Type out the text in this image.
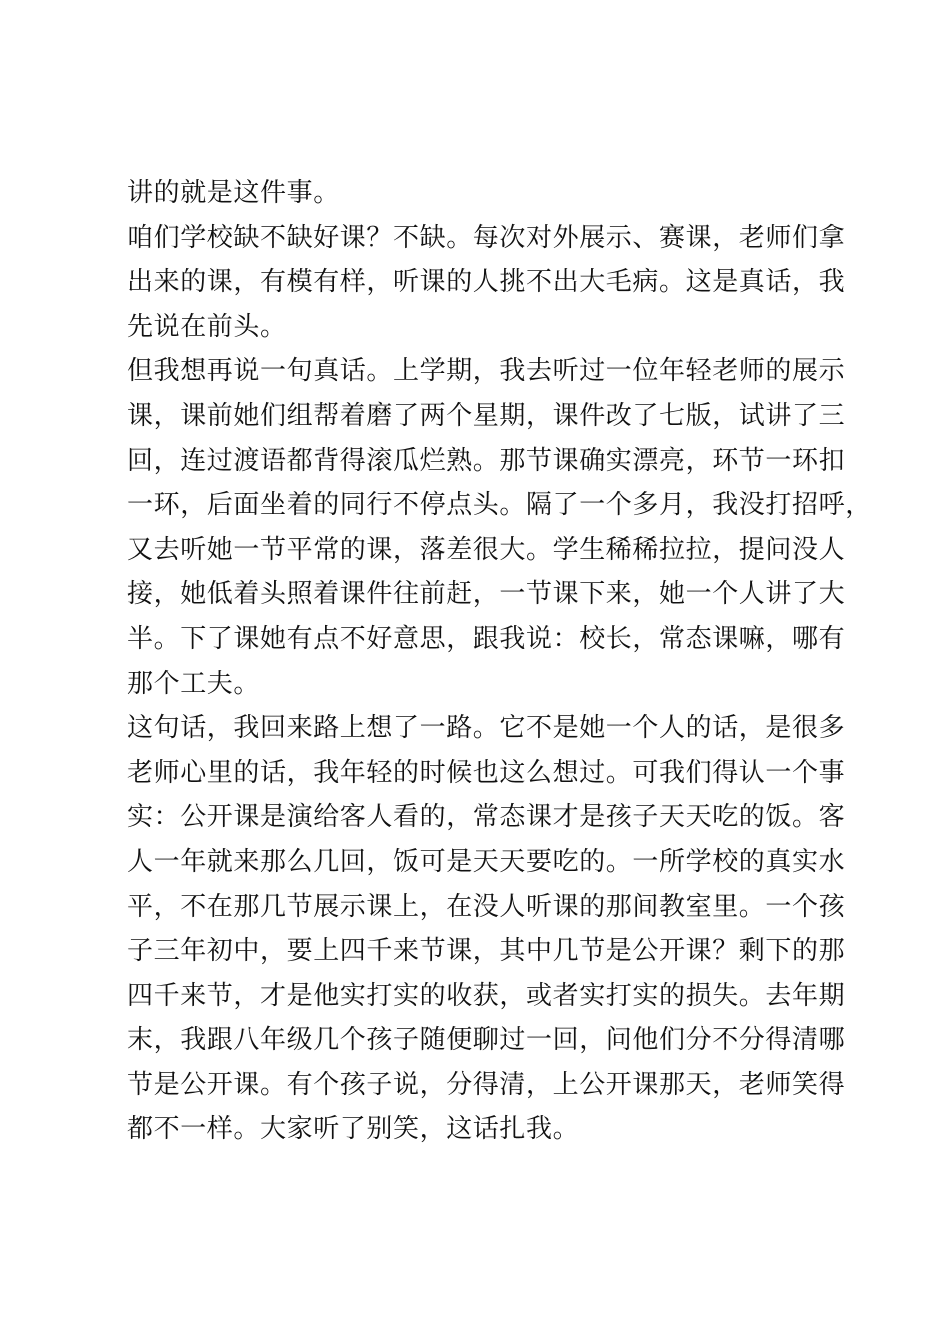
讲的就是这件事。
咱们学校缺不缺好课？不缺。每次对外展示、赛课，老师们拿
出来的课，有模有样，听课的人挑不出大毛病。这是真话，我
先说在前头。
但我想再说一句真话。上学期，我去听过一位年轻老师的展示
课，课前她们组帮着磨了两个星期，课件改了七版，试讲了三
回，连过渡语都背得滚瓜烂熟。那节课确实漂亮，环节一环扣
一环，后面坐着的同行不停点头。隔了一个多月，我没打招呼，
又去听她一节平常的课，落差很大。学生稀稀拉拉，提问没人
接，她低着头照着课件往前赶，一节课下来，她一个人讲了大
半。下了课她有点不好意思，跟我说：校长，常态课嘛，哪有
那个工夫。
这句话，我回来路上想了一路。它不是她一个人的话，是很多
老师心里的话，我年轻的时候也这么想过。可我们得认一个事
实：公开课是演给客人看的，常态课才是孩子天天吃的饭。客
人一年就来那么几回，饭可是天天要吃的。一所学校的真实水
平，不在那几节展示课上，在没人听课的那间教室里。一个孩
子三年初中，要上四千来节课，其中几节是公开课？剩下的那
四千来节，才是他实打实的收获，或者实打实的损失。去年期
末，我跟八年级几个孩子随便聊过一回，问他们分不分得清哪
节是公开课。有个孩子说，分得清，上公开课那天，老师笑得
都不一样。大家听了别笑，这话扎我。
